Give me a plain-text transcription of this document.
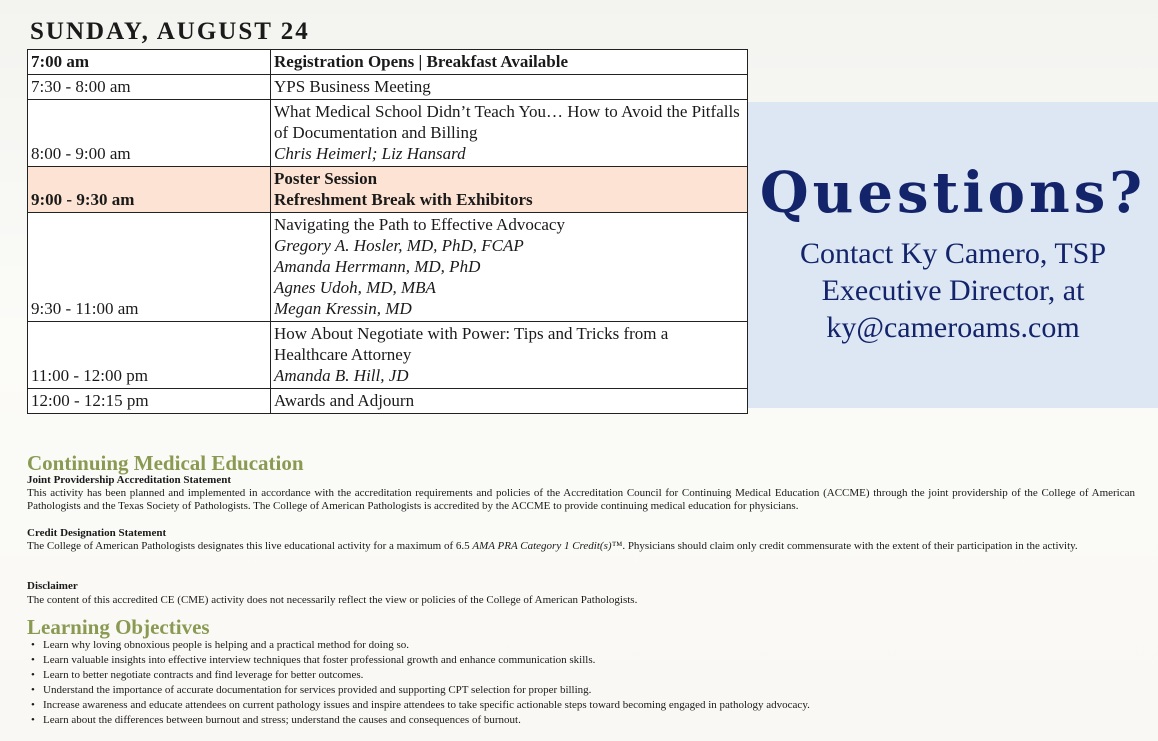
SUNDAY, AUGUST 24
7:00 am	Registration Opens | Breakfast Available
7:30 - 8:00 am	YPS Business Meeting
8:00 - 9:00 am	What Medical School Didn’t Teach You… How to Avoid the Pitfalls of Documentation and Billing
Chris Heimerl; Liz Hansard

9:00 - 9:30 am	Poster Session
Refreshment Break with Exhibitors

9:30 - 11:00 am	Navigating the Path to Effective Advocacy
Gregory A. Hosler, MD, PhD, FCAP
Amanda Herrmann, MD, PhD
Agnes Udoh, MD, MBA
Megan Kressin, MD

11:00 - 12:00 pm	How About Negotiate with Power: Tips and Tricks from a Healthcare Attorney
Amanda B. Hill, JD

12:00 - 12:15 pm	Awards and Adjourn
Questions?
Contact Ky Camero, TSP
Executive Director, at
ky@cameroams.com
Continuing Medical Education
Joint Providership Accreditation Statement
This activity has been planned and implemented in accordance with the accreditation requirements and policies of the Accreditation Council for Continuing Medical Education (ACCME) through the joint providership of the College of American Pathologists and the Texas Society of Pathologists. The College of American Pathologists is accredited by the ACCME to provide continuing medical education for physicians.
Credit Designation Statement
The College of American Pathologists designates this live educational activity for a maximum of 6.5 AMA PRA Category 1 Credit(s)™. Physicians should claim only credit commensurate with the extent of their participation in the activity.
Disclaimer
The content of this accredited CE (CME) activity does not necessarily reflect the view or policies of the College of American Pathologists.
Learning Objectives
• Learn why loving obnoxious people is helping and a practical method for doing so.
• Learn valuable insights into effective interview techniques that foster professional growth and enhance communication skills.
• Learn to better negotiate contracts and find leverage for better outcomes.
• Understand the importance of accurate documentation for services provided and supporting CPT selection for proper billing.
• Increase awareness and educate attendees on current pathology issues and inspire attendees to take specific actionable steps toward becoming engaged in pathology advocacy.
• Learn about the differences between burnout and stress; understand the causes and consequences of burnout.
